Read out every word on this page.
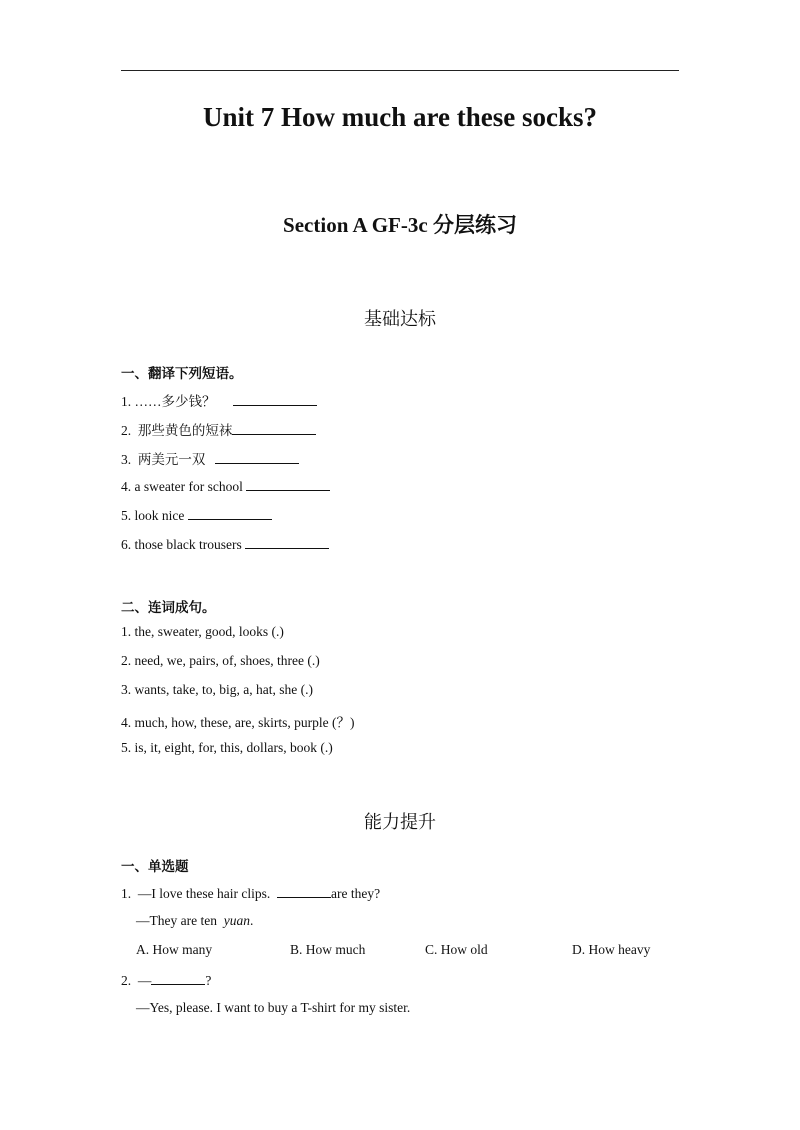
Unit 7 How much are these socks?
Section A GF-3c 分层练习
基础达标
一、翻译下列短语。
1. ……多少钱？
2.  那些黄色的短袜
3.  两美元一双
4. a sweater for school
5. look nice
6. those black trousers
二、连词成句。
1. the, sweater, good, looks (.)
2. need, we, pairs, of, shoes, three (.)
3. wants, take, to, big, a, hat, she (.)
4. much, how, these, are, skirts, purple (？)
5. is, it, eight, for, this, dollars, book (.)
能力提升
一、单选题
1.  —I love these hair clips.	are they?
—They are ten  yuan.
A. How many	B. How much	C. How old	D. How heavy
2.  —	?
—Yes, please. I want to buy a T-shirt for my sister.
